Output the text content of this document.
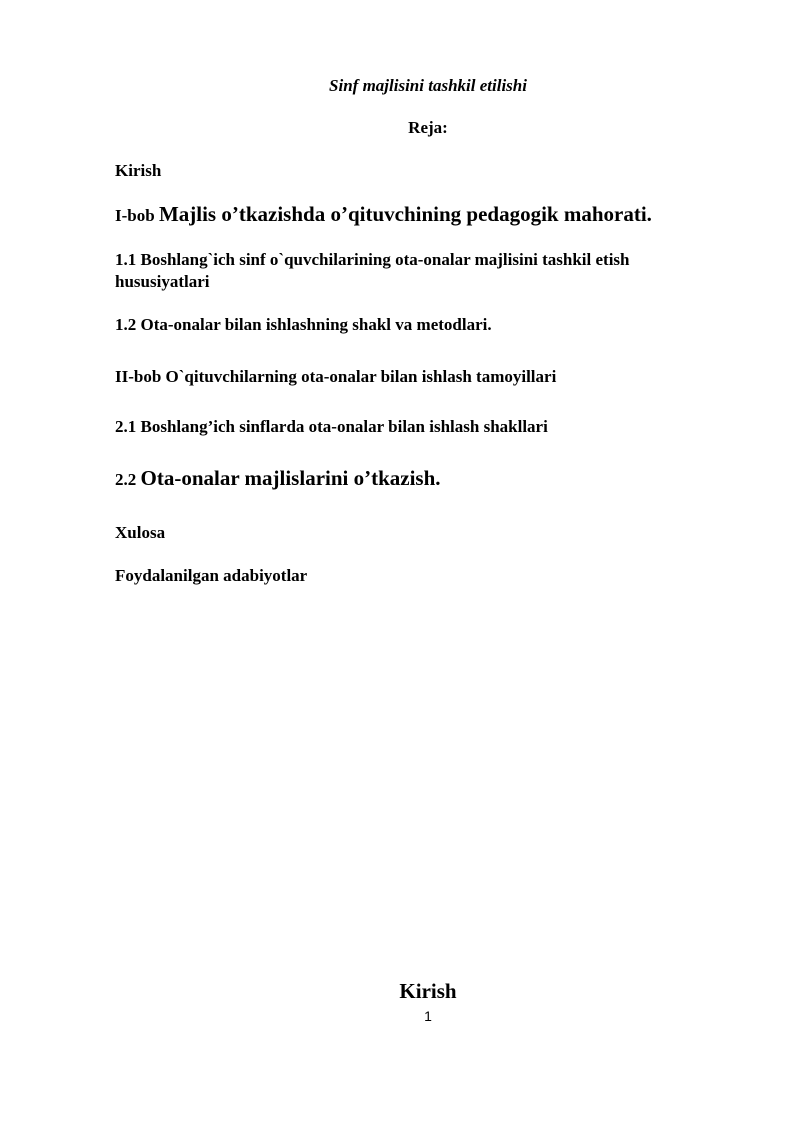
Sinf majlisini tashkil etilishi
Reja:
Kirish
I-bob Majlis o’tkazishda o’qituvchining pedagogik mahorati.
1.1 Boshlang`ich sinf o`quvchilarining ota-onalar majlisini tashkil etish hususiyatlari
1.2 Ota-onalar bilan ishlashning shakl va metodlari.
II-bob O`qituvchilarning ota-onalar bilan ishlash tamoyillari
2.1 Boshlang’ich sinflarda ota-onalar bilan ishlash shakllari
2.2 Ota-onalar majlislarini o’tkazish.
Xulosa
Foydalanilgan adabiyotlar
Kirish
1
